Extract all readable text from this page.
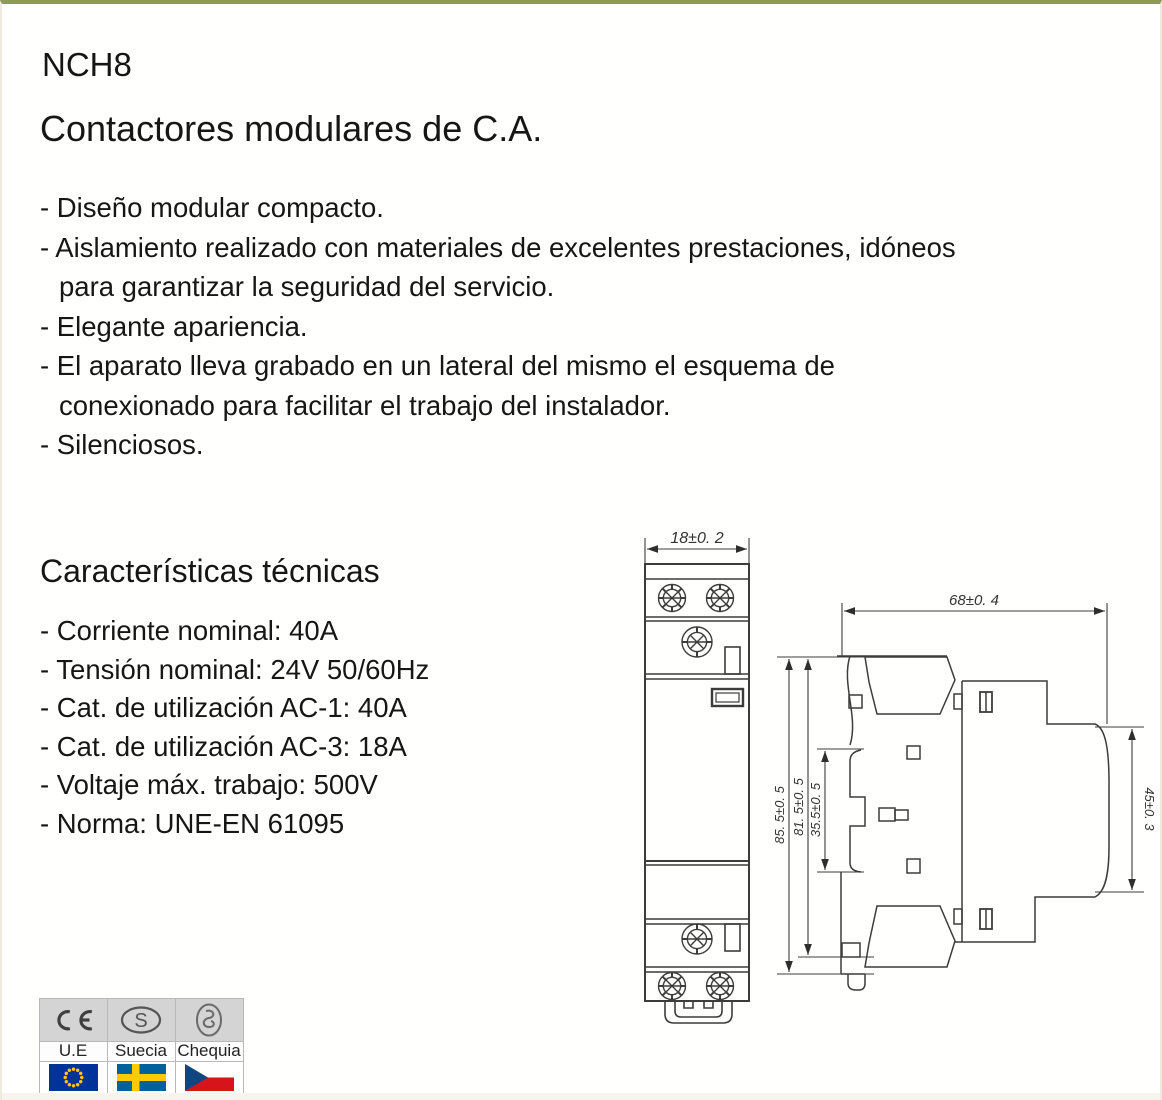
NCH8
Contactores modulares de C.A.
- Diseño modular compacto.
- Aislamiento realizado con materiales de excelentes prestaciones, idóneos
para garantizar la seguridad del servicio.
- Elegante apariencia.
- El aparato lleva grabado en un lateral del mismo el esquema de
conexionado para facilitar el trabajo del instalador.
- Silenciosos.
Características técnicas
- Corriente nominal: 40A
- Tensión nominal: 24V 50/60Hz
- Cat. de utilización AC-1: 40A
- Cat. de utilización AC-3: 18A
- Voltaje máx. trabajo: 500V
- Norma: UNE-EN 61095
18±0. 2
68±0. 4
85. 5±0. 5 81. 5±0. 5 35.5±0. 5	45±0. 3
S
U.E	Suecia Chequia
